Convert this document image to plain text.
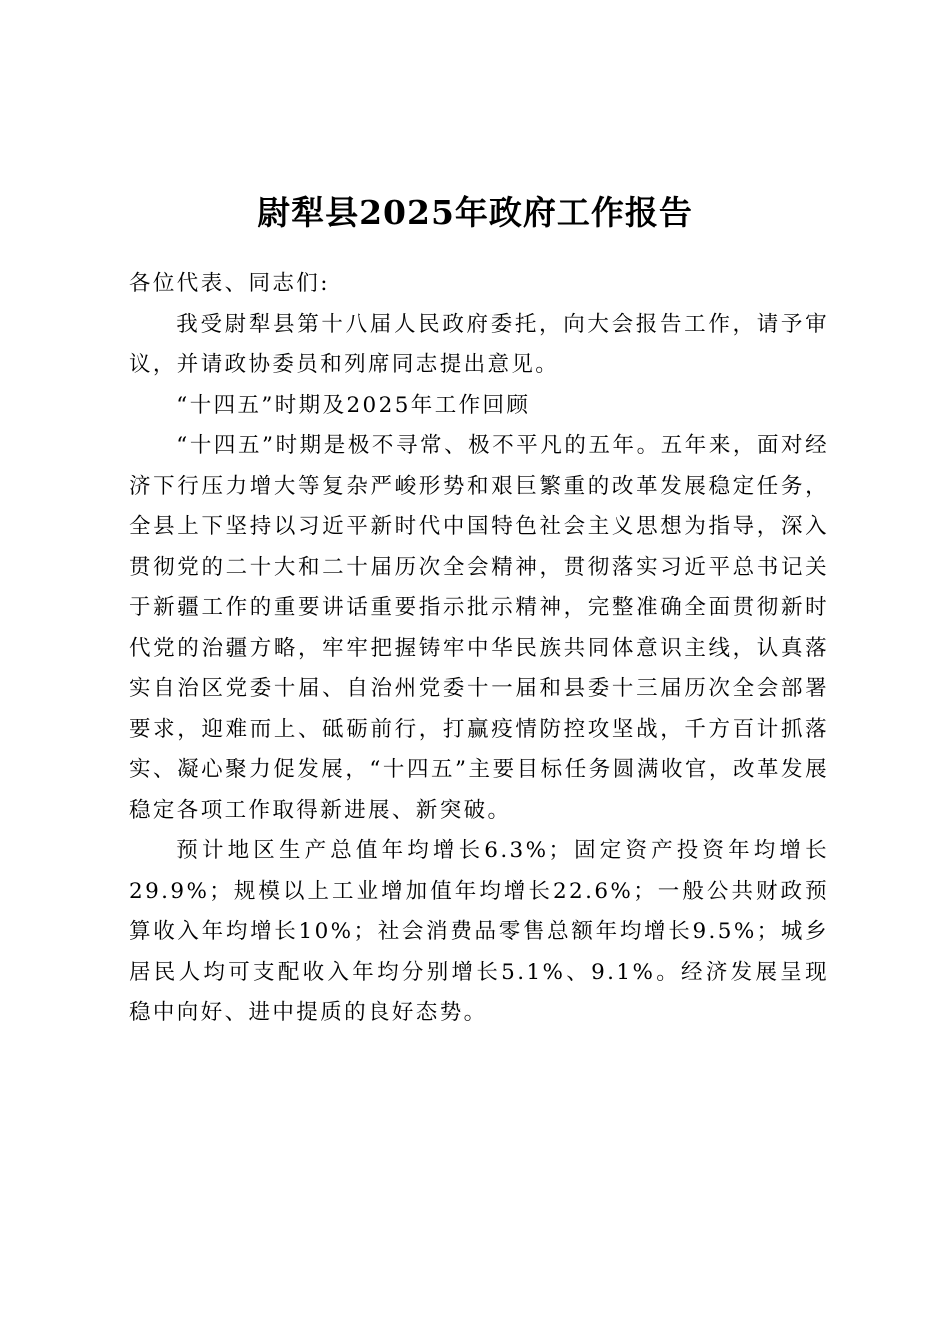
尉犁县2025年政府工作报告

各位代表、同志们:

我受尉犁县第十八届人民政府委托，向大会报告工作，请予审议，并请政协委员和列席同志提出意见。

“十四五”时期及2025年工作回顾

“十四五”时期是极不寻常、极不平凡的五年。五年来，面对经济下行压力增大等复杂严峻形势和艰巨繁重的改革发展稳定任务，全县上下坚持以习近平新时代中国特色社会主义思想为指导，深入贯彻党的二十大和二十届历次全会精神，贯彻落实习近平总书记关于新疆工作的重要讲话重要指示批示精神，完整准确全面贯彻新时代党的治疆方略，牢牢把握铸牢中华民族共同体意识主线，认真落实自治区党委十届、自治州党委十一届和县委十三届历次全会部署要求，迎难而上、砥砺前行，打赢疫情防控攻坚战，千方百计抓落实、凝心聚力促发展，“十四五”主要目标任务圆满收官，改革发展稳定各项工作取得新进展、新突破。

预计地区生产总值年均增长6.3%；固定资产投资年均增长29.9%；规模以上工业增加值年均增长22.6%；一般公共财政预算收入年均增长10%；社会消费品零售总额年均增长9.5%；城乡居民人均可支配收入年均分别增长5.1%、9.1%。经济发展呈现稳中向好、进中提质的良好态势。
